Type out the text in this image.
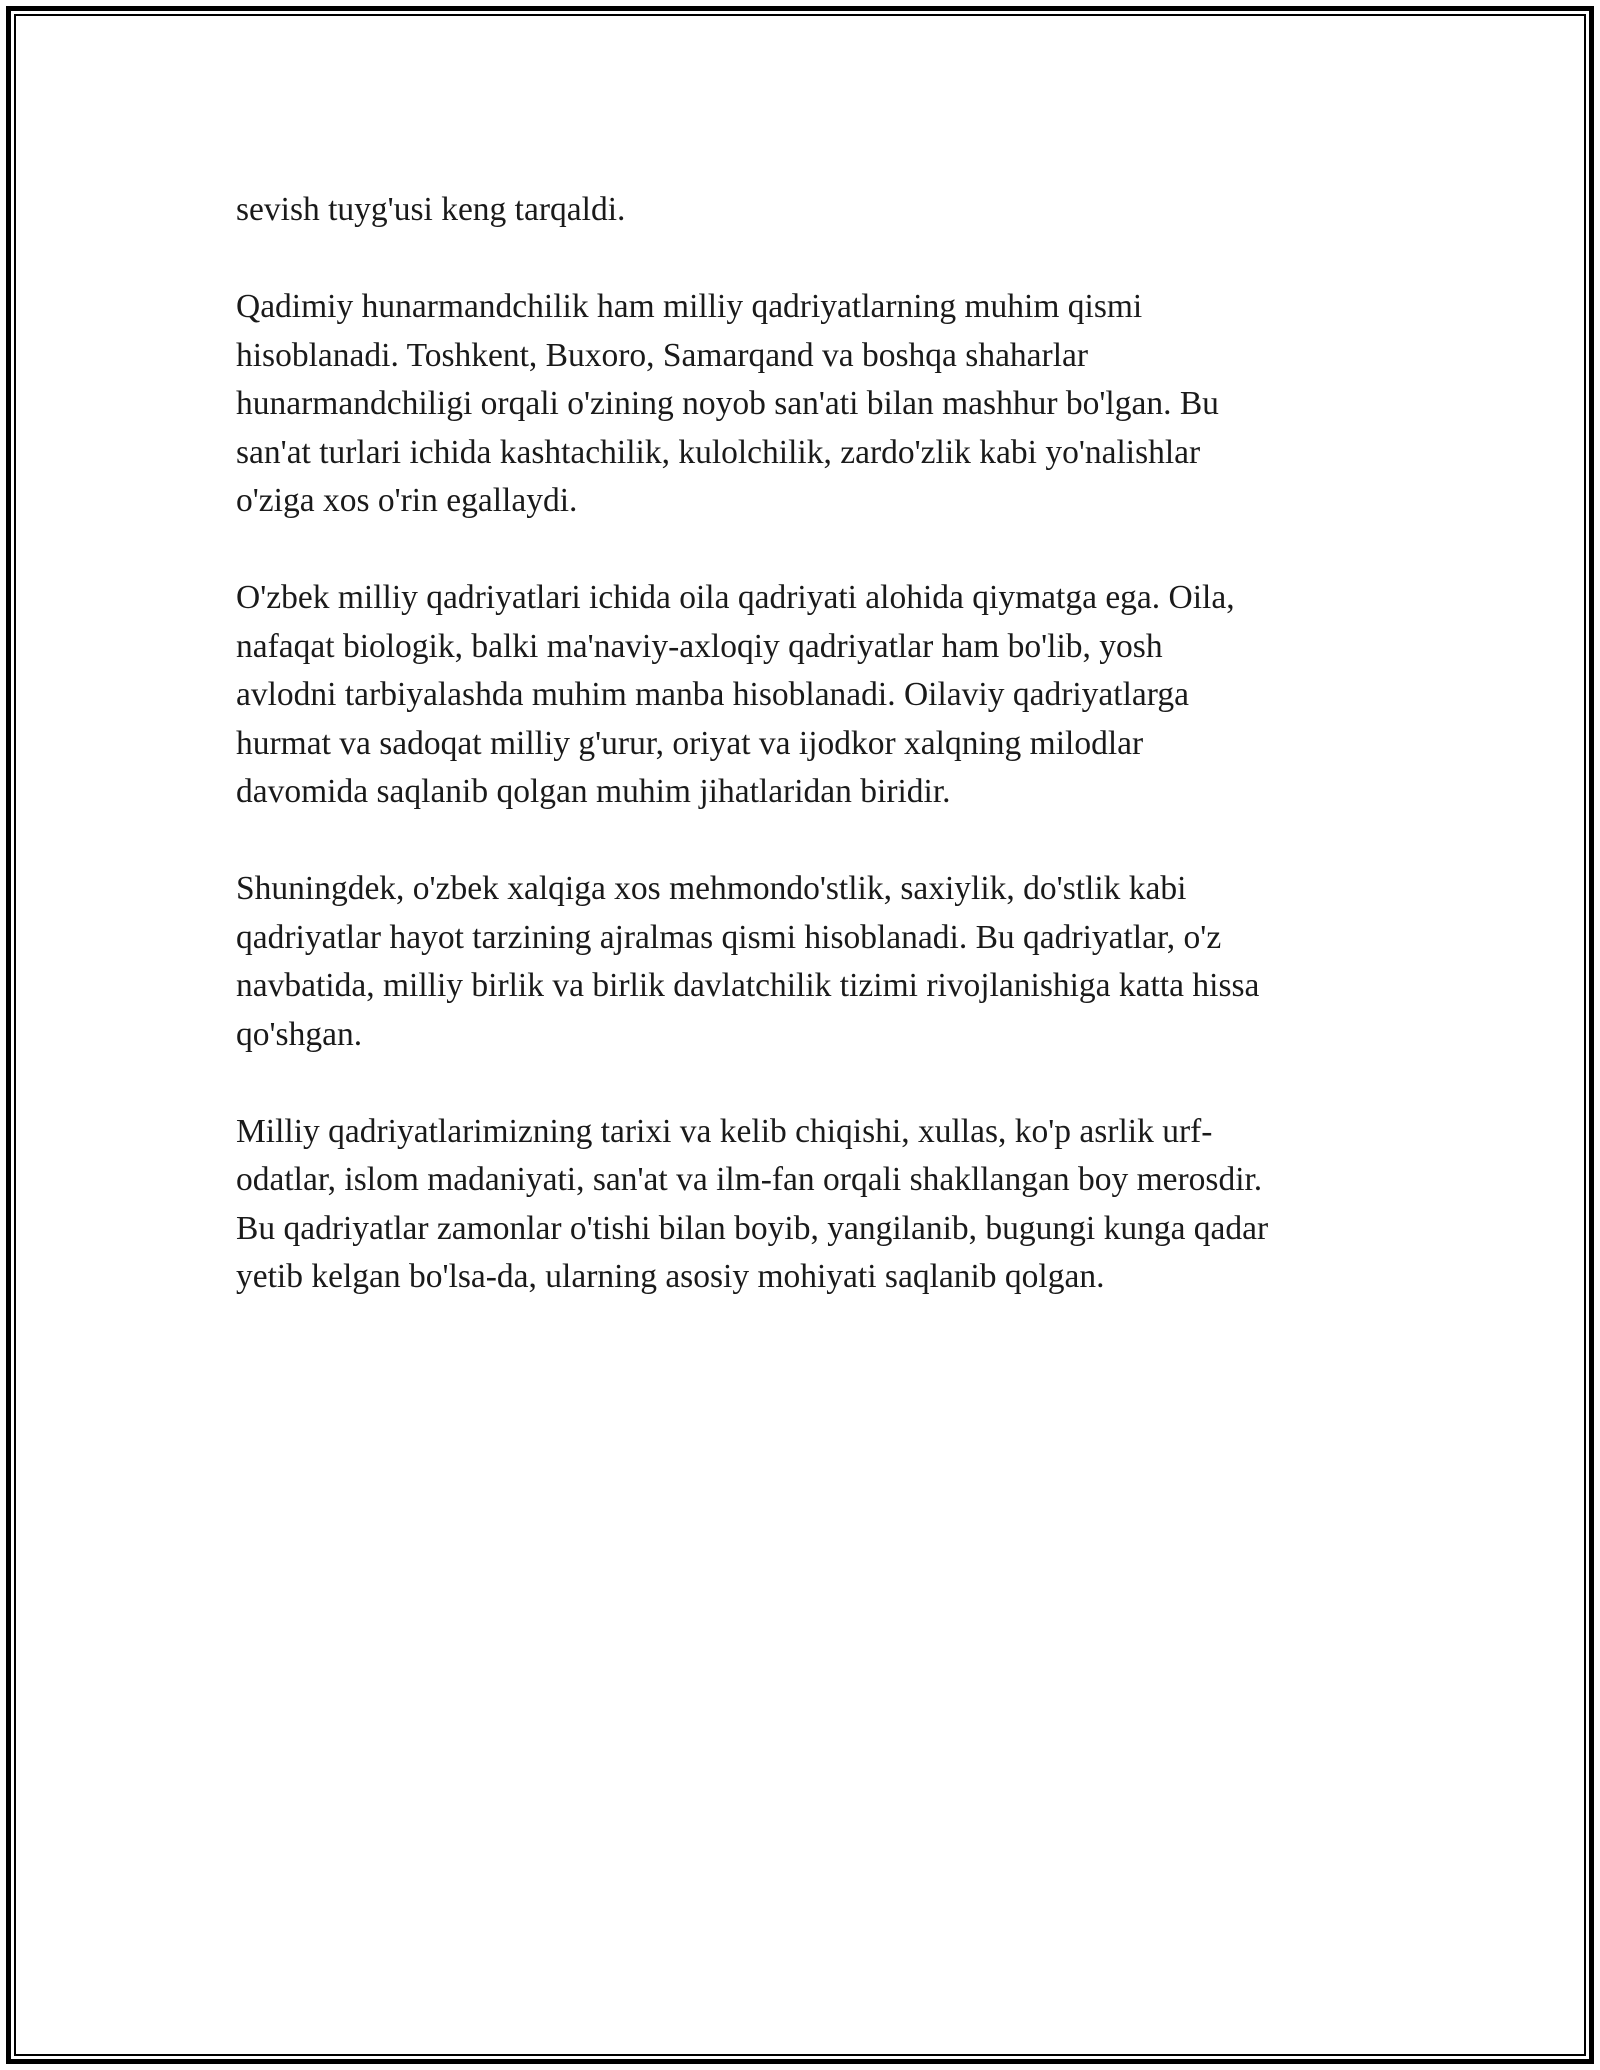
sevish tuyg'usi keng tarqaldi.

Qadimiy hunarmandchilik ham milliy qadriyatlarning muhim qismi
hisoblanadi. Toshkent, Buxoro, Samarqand va boshqa shaharlar
hunarmandchiligi orqali o'zining noyob san'ati bilan mashhur bo'lgan. Bu
san'at turlari ichida kashtachilik, kulolchilik, zardo'zlik kabi yo'nalishlar
o'ziga xos o'rin egallaydi.

O'zbek milliy qadriyatlari ichida oila qadriyati alohida qiymatga ega. Oila,
nafaqat biologik, balki ma'naviy-axloqiy qadriyatlar ham bo'lib, yosh
avlodni tarbiyalashda muhim manba hisoblanadi. Oilaviy qadriyatlarga
hurmat va sadoqat milliy g'urur, oriyat va ijodkor xalqning milodlar
davomida saqlanib qolgan muhim jihatlaridan biridir.

Shuningdek, o'zbek xalqiga xos mehmondo'stlik, saxiylik, do'stlik kabi
qadriyatlar hayot tarzining ajralmas qismi hisoblanadi. Bu qadriyatlar, o'z
navbatida, milliy birlik va birlik davlatchilik tizimi rivojlanishiga katta hissa
qo'shgan.

Milliy qadriyatlarimizning tarixi va kelib chiqishi, xullas, ko'p asrlik urf-
odatlar, islom madaniyati, san'at va ilm-fan orqali shakllangan boy merosdir.
Bu qadriyatlar zamonlar o'tishi bilan boyib, yangilanib, bugungi kunga qadar
yetib kelgan bo'lsa-da, ularning asosiy mohiyati saqlanib qolgan.
